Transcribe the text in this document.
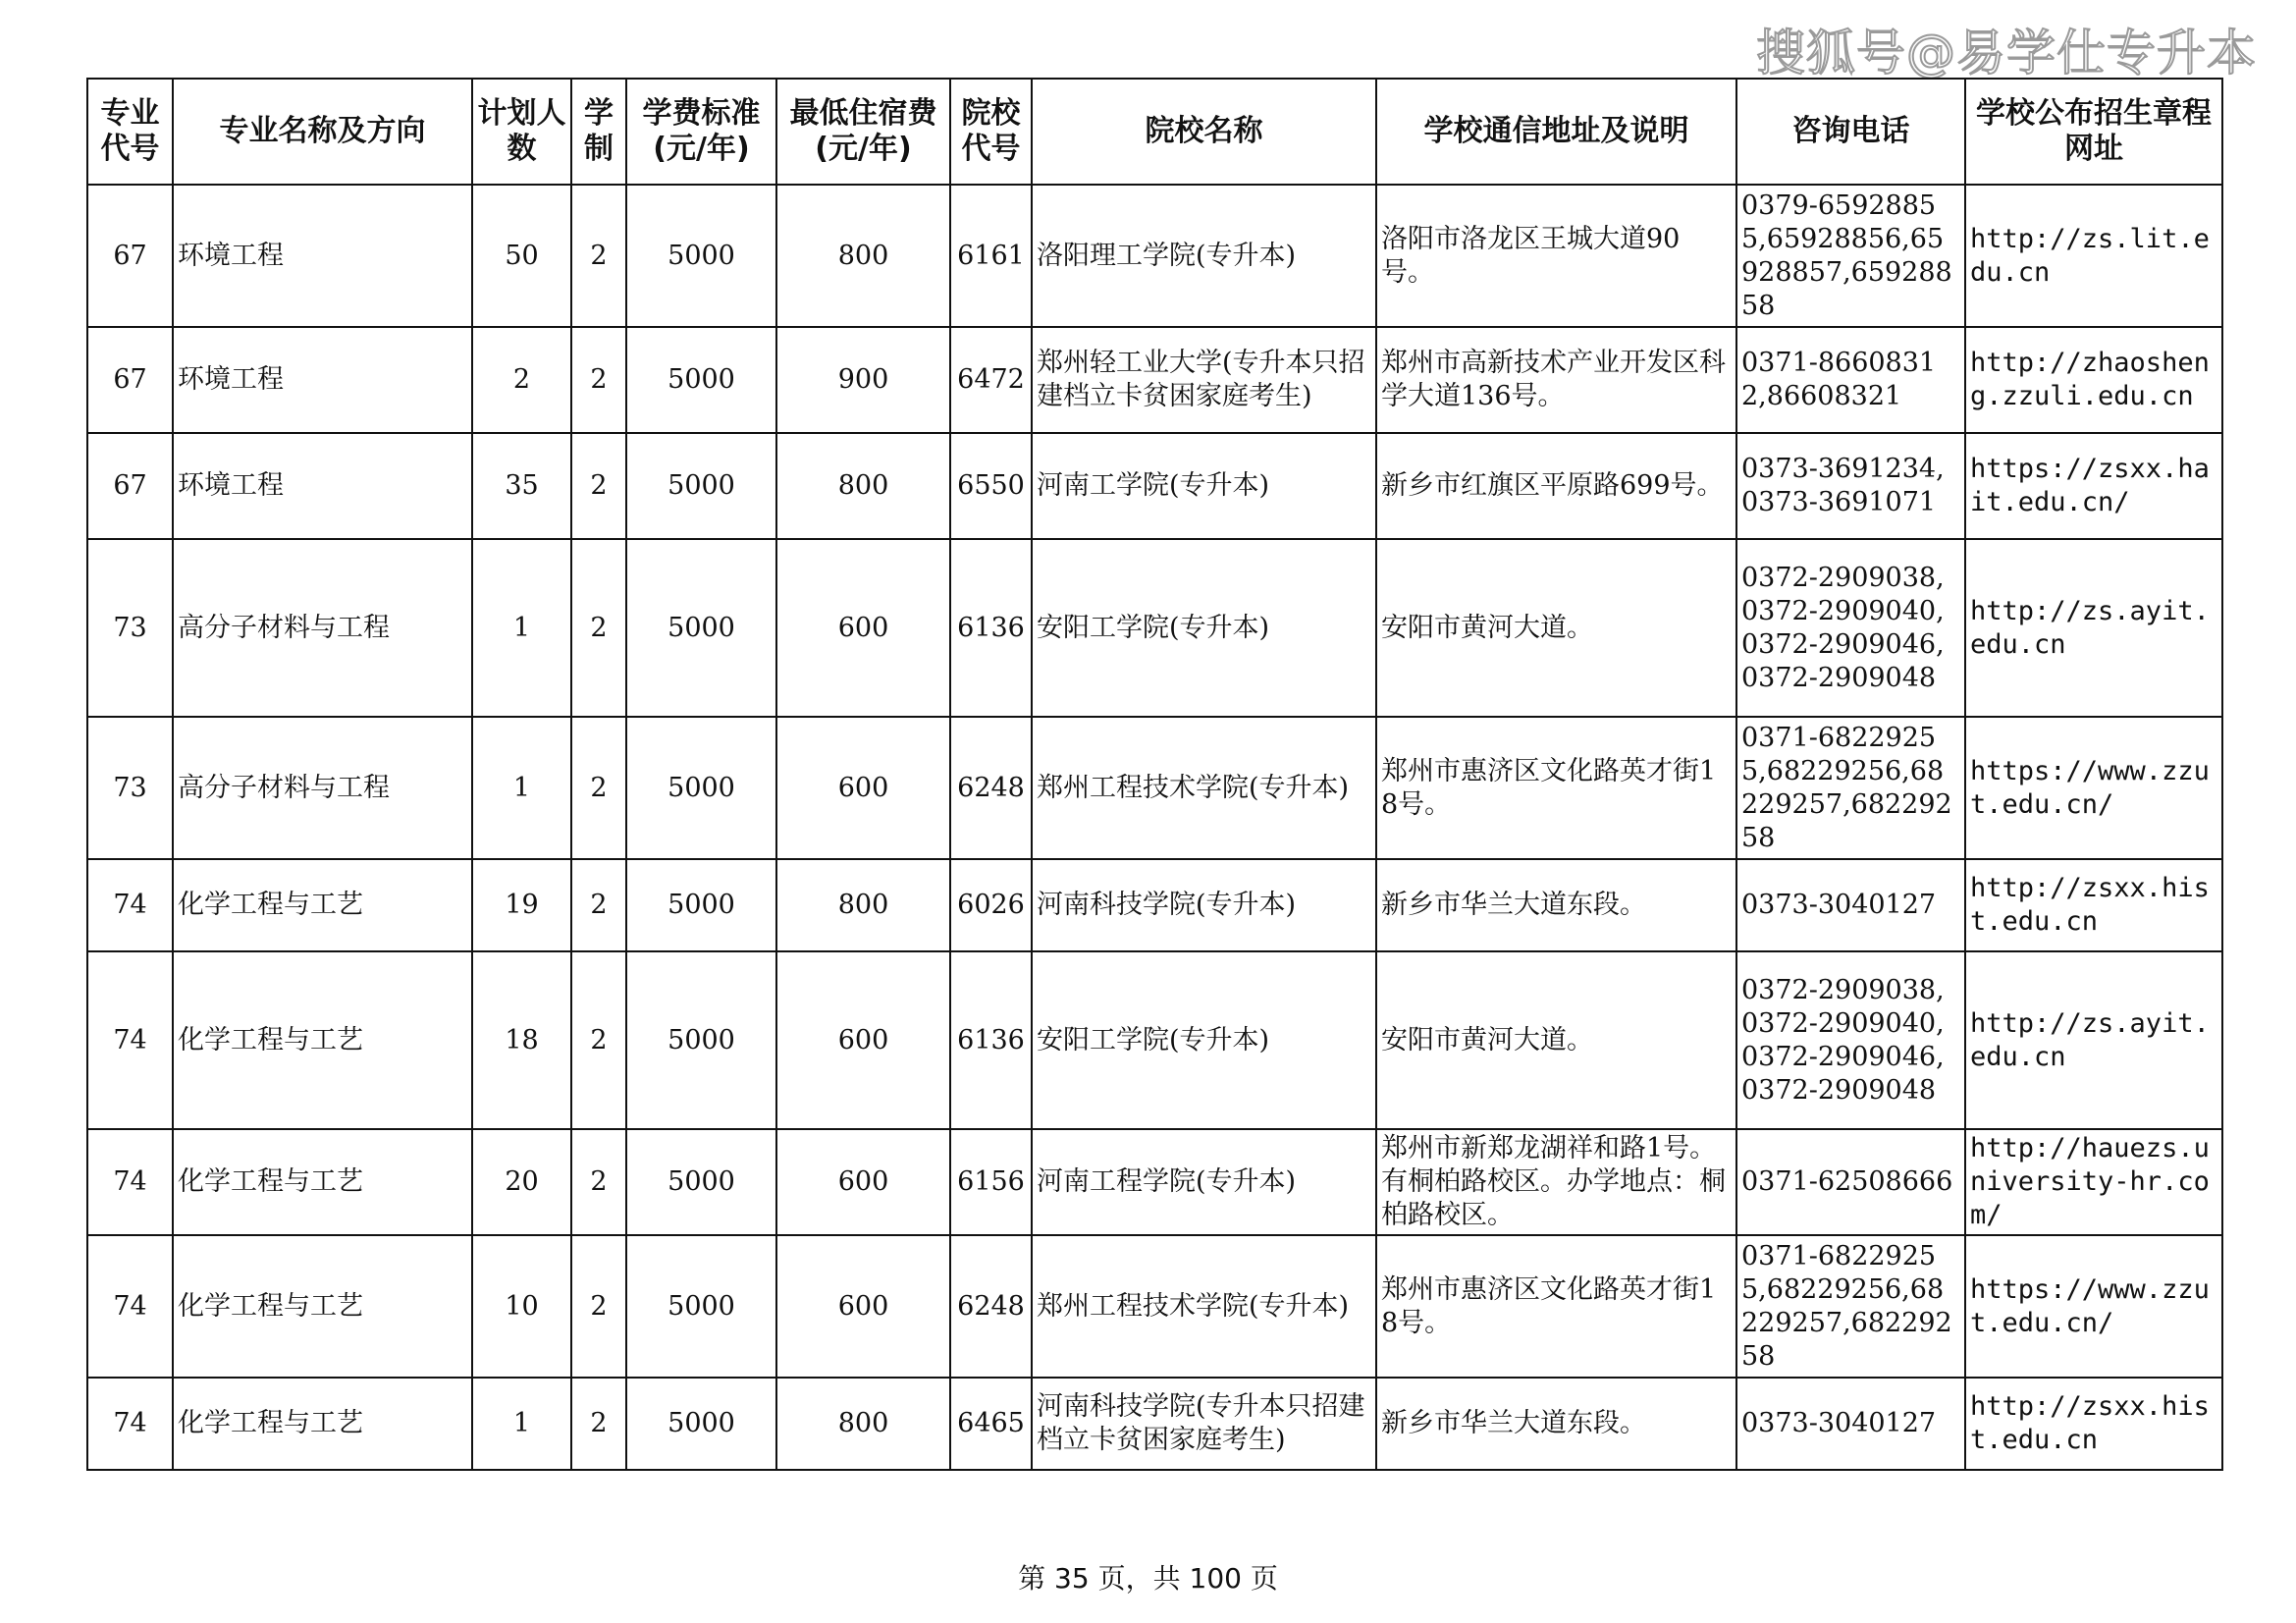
搜狐号@易学仕专升本
专业代号	专业名称及方向	计划人数	学制	学费标准(元/年)	最低住宿费(元/年)	院校代号	院校名称	学校通信地址及说明	咨询电话	学校公布招生章程网址
67	环境工程	50	2	5000	800	6161	洛阳理工学院(专升本)	洛阳市洛龙区王城大道90号。	0379-65928855,65928856,65928857,65928858	http://zs.lit.edu.cn
67	环境工程	2	2	5000	900	6472	郑州轻工业大学(专升本只招建档立卡贫困家庭考生)	郑州市高新技术产业开发区科学大道136号。	0371-86608312,86608321	http://zhaosheng.zzuli.edu.cn
67	环境工程	35	2	5000	800	6550	河南工学院(专升本)	新乡市红旗区平原路699号。	0373-3691234,0373-3691071	https://zsxx.hait.edu.cn/
73	高分子材料与工程	1	2	5000	600	6136	安阳工学院(专升本)	安阳市黄河大道。	0372-2909038,0372-2909040,0372-2909046,0372-2909048	http://zs.ayit.edu.cn
73	高分子材料与工程	1	2	5000	600	6248	郑州工程技术学院(专升本)	郑州市惠济区文化路英才街18号。	0371-68229255,68229256,68229257,68229258	https://www.zzut.edu.cn/
74	化学工程与工艺	19	2	5000	800	6026	河南科技学院(专升本)	新乡市华兰大道东段。	0373-3040127	http://zsxx.hist.edu.cn
74	化学工程与工艺	18	2	5000	600	6136	安阳工学院(专升本)	安阳市黄河大道。	0372-2909038,0372-2909040,0372-2909046,0372-2909048	http://zs.ayit.edu.cn
74	化学工程与工艺	20	2	5000	600	6156	河南工程学院(专升本)	郑州市新郑龙湖祥和路1号。有桐柏路校区。办学地点：桐柏路校区。	0371-62508666	http://hauezs.university-hr.com/
74	化学工程与工艺	10	2	5000	600	6248	郑州工程技术学院(专升本)	郑州市惠济区文化路英才街18号。	0371-68229255,68229256,68229257,68229258	https://www.zzut.edu.cn/
74	化学工程与工艺	1	2	5000	800	6465	河南科技学院(专升本只招建档立卡贫困家庭考生)	新乡市华兰大道东段。	0373-3040127	http://zsxx.hist.edu.cn
第 35 页，共 100 页
